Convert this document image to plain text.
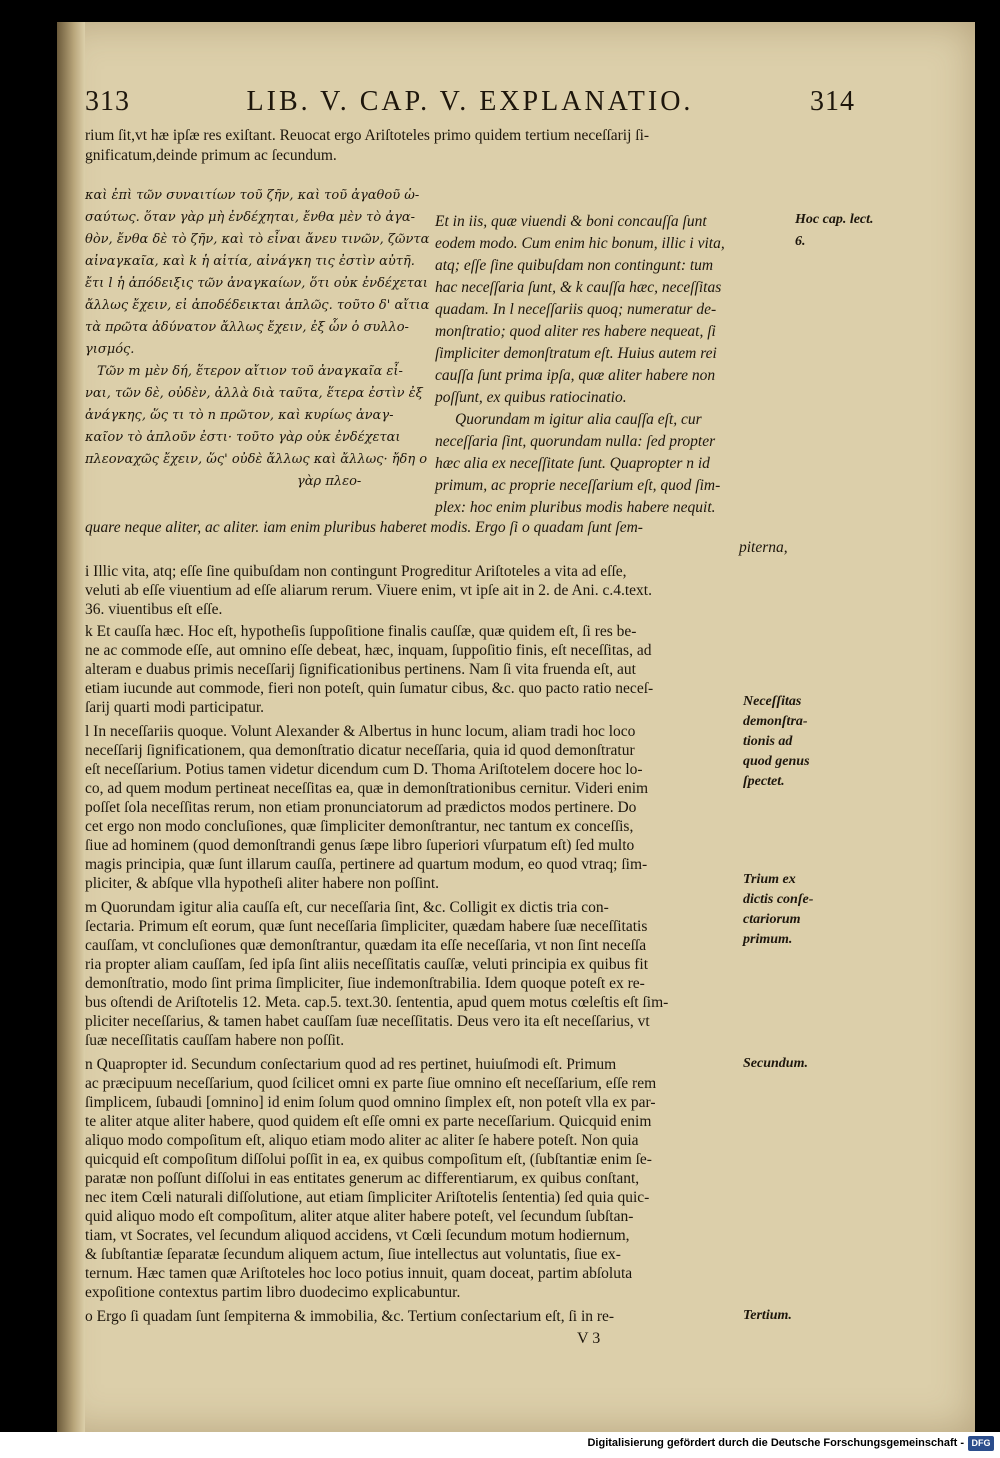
313	LIB. V. CAP. V. EXPLANATIO.	314
rium ſit,vt hæ ipſæ res exiſtant. Reuocat ergo Ariſtoteles primo quidem tertium neceſſarij ſi-
gnificatum,deinde primum ac ſecundum.
καὶ ἐπὶ τῶν συναιτίων τοῦ ζῆν, καὶ τοῦ ἀγαθοῦ ὡ-
σαύτως. ὅταν γὰρ μὴ ἐνδέχηται, ἔνθα μὲν τὸ ἀγα-
θὸν, ἔνθα δὲ τὸ ζῆν, καὶ τὸ εἶναι ἄνευ τινῶν, ζῶντα
αἰναγκαῖα, καὶ k ἡ αἰτία, αἰνάγκη τις ἐστὶν αὐτῆ.
ἔτι l ἡ ἀπόδειξις τῶν ἀναγκαίων, ὅτι οὐκ ἐνδέχεται
ἄλλως ἔχειν, εἰ ἀποδέδεικται ἁπλῶς. τοῦτο δ' αἴτια
τὰ πρῶτα ἀδύνατον ἄλλως ἔχειν, ἐξ ὧν ὁ συλλο-
γισμός.
Τῶν m μὲν δή, ἕτερον αἴτιον τοῦ ἀναγκαῖα εἶ-
ναι, τῶν δὲ, οὐδὲν, ἀλλὰ διὰ ταῦτα, ἕτερα ἐστὶν ἐξ
ἀνάγκης, ὥς τι τὸ n πρῶτον, καὶ κυρίως ἀναγ-
καῖον τὸ ἁπλοῦν ἐστι· τοῦτο γὰρ οὐκ ἐνδέχεται
πλεοναχῶς ἔχειν, ὥς' οὐδὲ ἄλλως καὶ ἄλλως· ἤδη ο
γὰρ πλεο-
Et in iis, quæ viuendi & boni concauſſa ſunt
eodem modo. Cum enim hic bonum, illic i vita,
atq; eſſe ſine quibuſdam non contingunt: tum
hac neceſſaria ſunt, & k cauſſa hæc, neceſſitas
quadam. In l neceſſariis quoq; numeratur de-
monſtratio; quod aliter res habere nequeat, ſi
ſimpliciter demonſtratum eſt. Huius autem rei
cauſſa ſunt prima ipſa, quæ aliter habere non
poſſunt, ex quibus ratiocinatio.
Quorundam m igitur alia cauſſa eſt, cur
neceſſaria ſint, quorundam nulla: ſed propter
hæc alia ex neceſſitate ſunt. Quapropter n id
primum, ac proprie neceſſarium eſt, quod ſim-
plex: hoc enim pluribus modis habere nequit.
Hoc cap. lect.
6.
quare neque aliter, ac aliter. iam enim pluribus haberet modis. Ergo ſi o quadam ſunt ſem-
piterna,
i Illic vita, atq; eſſe ſine quibuſdam non contingunt Progreditur Ariſtoteles a vita ad eſſe,
veluti ab eſſe viuentium ad eſſe aliarum rerum. Viuere enim, vt ipſe ait in 2. de Ani. c.4.text.
36. viuentibus eſt eſſe.
k Et cauſſa hæc. Hoc eſt, hypotheſis ſuppoſitione finalis cauſſæ, quæ quidem eſt, ſi res be-
ne ac commode eſſe, aut omnino eſſe debeat, hæc, inquam, ſuppoſitio finis, eſt neceſſitas, ad
alteram e duabus primis neceſſarij ſignificationibus pertinens. Nam ſi vita fruenda eſt, aut
etiam iucunde aut commode, fieri non poteſt, quin ſumatur cibus, &c. quo pacto ratio neceſ-
ſarij quarti modi participatur.
l In neceſſariis quoque. Volunt Alexander & Albertus in hunc locum, aliam tradi hoc loco
neceſſarij ſignificationem, qua demonſtratio dicatur neceſſaria, quia id quod demonſtratur
eſt neceſſarium. Potius tamen videtur dicendum cum D. Thoma Ariſtotelem docere hoc lo-
co, ad quem modum pertineat neceſſitas ea, quæ in demonſtrationibus cernitur. Videri enim
poſſet ſola neceſſitas rerum, non etiam pronunciatorum ad prædictos modos pertinere. Do
cet ergo non modo concluſiones, quæ ſimpliciter demonſtrantur, nec tantum ex conceſſis,
ſiue ad hominem (quod demonſtrandi genus ſæpe libro ſuperiori vſurpatum eſt) ſed multo
magis principia, quæ ſunt illarum cauſſa, pertinere ad quartum modum, eo quod vtraq; ſim-
pliciter, & abſque vlla hypotheſi aliter habere non poſſint.
m Quorundam igitur alia cauſſa eſt, cur neceſſaria ſint, &c. Colligit ex dictis tria con-
ſectaria. Primum eſt eorum, quæ ſunt neceſſaria ſimpliciter, quædam habere ſuæ neceſſitatis
cauſſam, vt concluſiones quæ demonſtrantur, quædam ita eſſe neceſſaria, vt non ſint neceſſa
ria propter aliam cauſſam, ſed ipſa ſint aliis neceſſitatis cauſſæ, veluti principia ex quibus fit
demonſtratio, modo ſint prima ſimpliciter, ſiue indemonſtrabilia. Idem quoque poteſt ex re-
bus oſtendi de Ariſtotelis 12. Meta. cap.5. text.30. ſententia, apud quem motus cœleſtis eſt ſim-
pliciter neceſſarius, & tamen habet cauſſam ſuæ neceſſitatis. Deus vero ita eſt neceſſarius, vt
ſuæ neceſſitatis cauſſam habere non poſſit.
n Quapropter id. Secundum conſectarium quod ad res pertinet, huiuſmodi eſt. Primum
ac præcipuum neceſſarium, quod ſcilicet omni ex parte ſiue omnino eſt neceſſarium, eſſe rem
ſimplicem, ſubaudi [omnino] id enim ſolum quod omnino ſimplex eſt, non poteſt vlla ex par-
te aliter atque aliter habere, quod quidem eſt eſſe omni ex parte neceſſarium. Quicquid enim
aliquo modo compoſitum eſt, aliquo etiam modo aliter ac aliter ſe habere poteſt. Non quia
quicquid eſt compoſitum diſſolui poſſit in ea, ex quibus compoſitum eſt, (ſubſtantiæ enim ſe-
paratæ non poſſunt diſſolui in eas entitates generum ac differentiarum, ex quibus conſtant,
nec item Cœli naturali diſſolutione, aut etiam ſimpliciter Ariſtotelis ſententia) ſed quia quic-
quid aliquo modo eſt compoſitum, aliter atque aliter habere poteſt, vel ſecundum ſubſtan-
tiam, vt Socrates, vel ſecundum aliquod accidens, vt Cœli ſecundum motum hodiernum,
& ſubſtantiæ ſeparatæ ſecundum aliquem actum, ſiue intellectus aut voluntatis, ſiue ex-
ternum. Hæc tamen quæ Ariſtoteles hoc loco potius innuit, quam doceat, partim abſoluta
expoſitione contextus partim libro duodecimo explicabuntur.
o Ergo ſi quadam ſunt ſempiterna & immobilia, &c. Tertium conſectarium eſt, ſi in re-
Neceſſitas
demonſtra-
tionis ad
quod genus
ſpectet.
Trium ex
dictis conſe-
ctariorum
primum.
Secundum.
Tertium.
V 3
Digitalisierung gefördert durch die Deutsche Forschungsgemeinschaft - DFG
